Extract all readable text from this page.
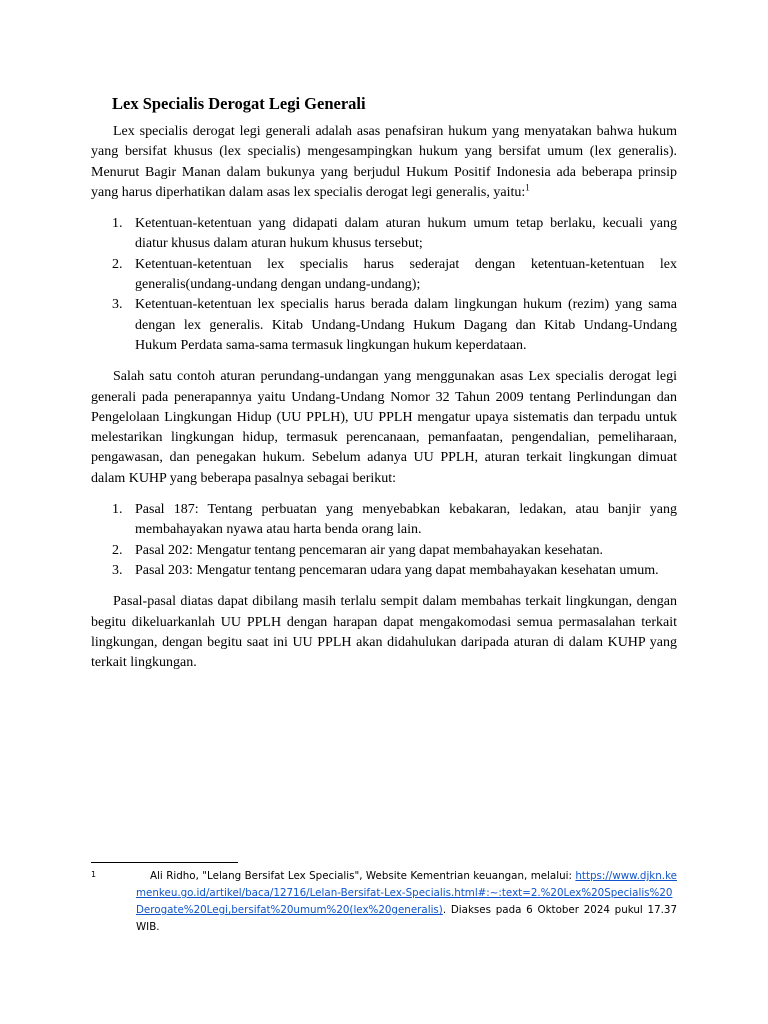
Lex Specialis Derogat Legi Generali

Lex specialis derogat legi generali adalah asas penafsiran hukum yang menyatakan bahwa hukum yang bersifat khusus (lex specialis) mengesampingkan hukum yang bersifat umum (lex generalis). Menurut Bagir Manan dalam bukunya yang berjudul Hukum Positif Indonesia ada beberapa prinsip yang harus diperhatikan dalam asas lex specialis derogat legi generalis, yaitu:$^1$

1. Ketentuan-ketentuan yang didapati dalam aturan hukum umum tetap berlaku, kecuali yang diatur khusus dalam aturan hukum khusus tersebut;
2. Ketentuan-ketentuan lex specialis harus sederajat dengan ketentuan-ketentuan lex generalis(undang-undang dengan undang-undang);
3. Ketentuan-ketentuan lex specialis harus berada dalam lingkungan hukum (rezim) yang sama dengan lex generalis. Kitab Undang-Undang Hukum Dagang dan Kitab Undang-Undang Hukum Perdata sama-sama termasuk lingkungan hukum keperdataan.

Salah satu contoh aturan perundang-undangan yang menggunakan asas Lex specialis derogat legi generali pada penerapannya yaitu Undang-Undang Nomor 32 Tahun 2009 tentang Perlindungan dan Pengelolaan Lingkungan Hidup (UU PPLH), UU PPLH mengatur upaya sistematis dan terpadu untuk melestarikan lingkungan hidup, termasuk perencanaan, pemanfaatan, pengendalian, pemeliharaan, pengawasan, dan penegakan hukum. Sebelum adanya UU PPLH, aturan terkait lingkungan dimuat dalam KUHP yang beberapa pasalnya sebagai berikut:

1. Pasal 187: Tentang perbuatan yang menyebabkan kebakaran, ledakan, atau banjir yang membahayakan nyawa atau harta benda orang lain.
2. Pasal 202: Mengatur tentang pencemaran air yang dapat membahayakan kesehatan.
3. Pasal 203: Mengatur tentang pencemaran udara yang dapat membahayakan kesehatan umum.

Pasal-pasal diatas dapat dibilang masih terlalu sempit dalam membahas terkait lingkungan, dengan begitu dikeluarkanlah UU PPLH dengan harapan dapat mengakomodasi semua permasalahan terkait lingkungan, dengan begitu saat ini UU PPLH akan didahulukan daripada aturan di dalam KUHP yang terkait lingkungan.

1	Ali Ridho, "Lelang Bersifat Lex Specialis", Website Kementrian keuangan, melalui: https://www.djkn.kemenkeu.go.id/artikel/baca/12716/Lelan-Bersifat-Lex-Specialis.html#:~:text=2.%20Lex%20Specialis%20Derogate%20Legi,bersifat%20umum%20(lex%20generalis). Diakses pada 6 Oktober 2024 pukul 17.37 WIB.
